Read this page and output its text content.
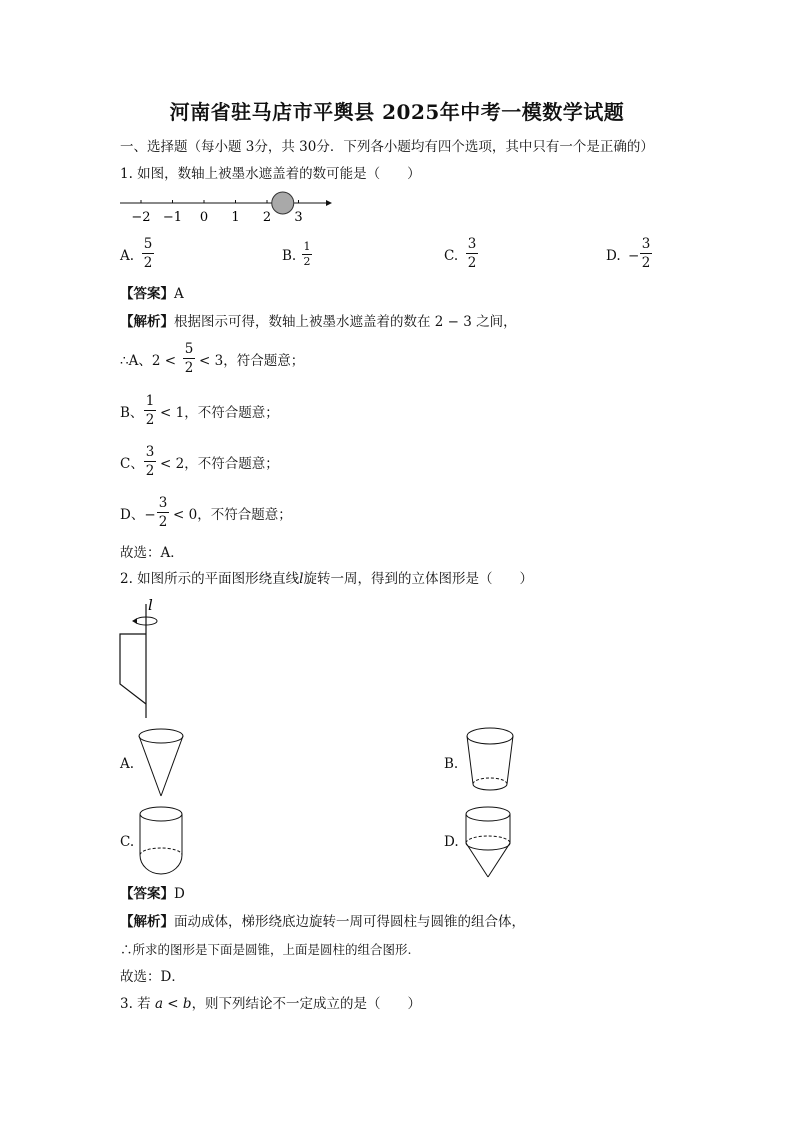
河南省驻马店市平舆县 2025年中考一模数学试题
一、选择题（每小题 3分，共 30分．下列各小题均有四个选项，其中只有一个是正确的）
1. 如图，数轴上被墨水遮盖着的数可能是（　　）
−2 −1 0 1 2 3
A.
5
2	B.
1
2	C.
3
2	D. −
3
2
【答案】A
【解析】根据图示可得，数轴上被墨水遮盖着的数在 2 − 3 之间，
∴A、2 <
5
2 < 3，符合题意；
B、
1
2 < 1，不符合题意；
C、
3
2 < 2，不符合题意；
D、−
3
2 < 0，不符合题意；
故选：A．
2. 如图所示的平面图形绕直线l旋转一周，得到的立体图形是（　　）
l
A.	B.
C.	D.
【答案】D
【解析】面动成体，梯形绕底边旋转一周可得圆柱与圆锥的组合体，
∴所求的图形是下面是圆锥，上面是圆柱的组合图形.
故选：D．
3. 若 a < b，则下列结论不一定成立的是（　　）
